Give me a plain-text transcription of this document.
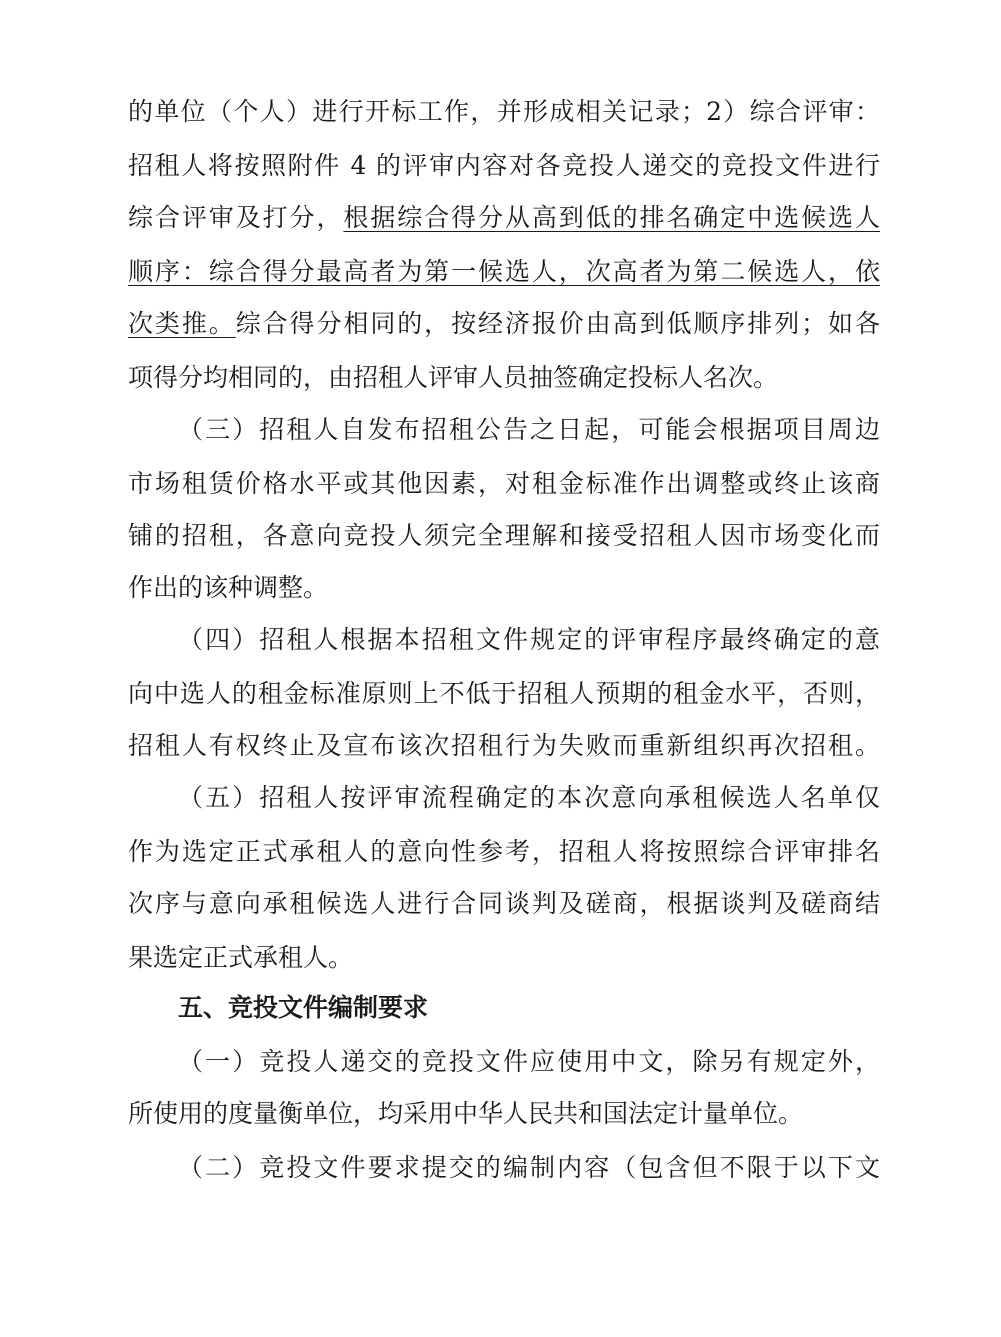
的单位（个人）进行开标工作，并形成相关记录；2）综合评审：
招租人将按照附件 4 的评审内容对各竞投人递交的竞投文件进行
综合评审及打分，根据综合得分从高到低的排名确定中选候选人
顺序：综合得分最高者为第一候选人，次高者为第二候选人，依
次类推。综合得分相同的，按经济报价由高到低顺序排列；如各
项得分均相同的，由招租人评审人员抽签确定投标人名次。
（三）招租人自发布招租公告之日起，可能会根据项目周边
市场租赁价格水平或其他因素，对租金标准作出调整或终止该商
铺的招租，各意向竞投人须完全理解和接受招租人因市场变化而
作出的该种调整。
（四）招租人根据本招租文件规定的评审程序最终确定的意
向中选人的租金标准原则上不低于招租人预期的租金水平，否则，
招租人有权终止及宣布该次招租行为失败而重新组织再次招租。
（五）招租人按评审流程确定的本次意向承租候选人名单仅
作为选定正式承租人的意向性参考，招租人将按照综合评审排名
次序与意向承租候选人进行合同谈判及磋商，根据谈判及磋商结
果选定正式承租人。
五、竞投文件编制要求
（一）竞投人递交的竞投文件应使用中文，除另有规定外，
所使用的度量衡单位，均采用中华人民共和国法定计量单位。
（二）竞投文件要求提交的编制内容（包含但不限于以下文
